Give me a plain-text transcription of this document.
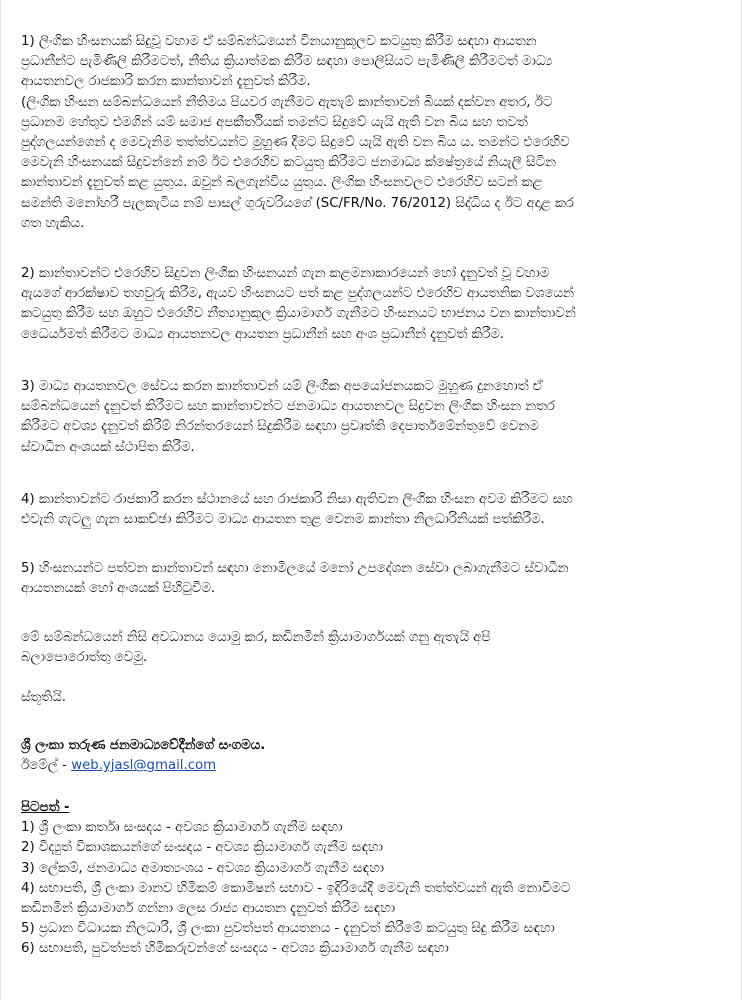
1) ලිංගික හිංසනයක් සිදුවූ වහාම ඒ සම්බන්ධයෙන් විනයානුකූලව කටයුතු කිරීම සඳහා ආයතන
ප්‍රධානීන්ට පැමිණිලි කිරීමටත්, නීතිය ක්‍රියාත්මක කිරීම සඳහා පොලිසියට පැමිණිලි කිරීමටත් මාධ්‍ය
ආයතනවල රාජකාරි කරන කාන්තාවන් දැනුවත් කිරීම.
(ලිංගික හිංසන සම්බන්ධයෙන් නීතිමය පියවර ගැනීමට ඇතැම් කාන්තාවන් බියක් දක්වන අතර, ඊට
ප්‍රධානම හේතුව එමගින් යම් සමාජ අපකීර්තියක් තමන්ට සිදුවේ යැයි ඇති වන බිය සහ තවත්
පුද්ගලයන්ගෙන් ද මෙවැනිම තත්ත්වයන්ට මුහුණ දීමට සිදුවේ යැයි ඇති වන බිය ය. තමන්ට එරෙහිව
මෙවැනි හිංසනයක් සිදුවන්නේ නම් ඊට එරෙහිව කටයුතු කිරීමට ජනමාධ්‍ය ක්ෂේත්‍රයේ නියැලී සිටින
කාන්තාවන් දැනුවත් කළ යුතුය. ඔවුන් බලගැන්විය යුතුය. ලිංගික හිංසනවලට එරෙහිව සටන් කළ
සමන්ති මනෝහරී පැලකැටිය නම් පාසල් ගුරුවරියගේ (SC/FR/No. 76/2012) සිද්ධිය ද ඊට අදාළ කර
ගත හැකිය.
2) කාන්තාවන්ට එරෙහිව සිදුවන ලිංගික හිංසනයන් ගැන කළමනාකාරයෙන් හෝ දැනුවත් වූ වහාම
ඇයගේ ආරක්ෂාව තහවුරු කිරීම, ඇයව හිංසනයට පත් කළ පුද්ගලයන්ට එරෙහිව ආයතනික වශයෙන්
කටයුතු කිරීම සහ ඔහුට එරෙහිව නීත්‍යානුකූල ක්‍රියාමාර්ග ගැනීමට හිංසනයට භාජනය වන කාන්තාවන්
ධෛර්යමත් කිරීමට මාධ්‍ය ආයතනවල ආයතන ප්‍රධානීන් සහ අංශ ප්‍රධානීන් දැනුවත් කිරීම.
3) මාධ්‍ය ආයතනවල සේවය කරන කාන්තාවන් යම් ලිංගික අපයෝජනයකට මුහුණ දුනහොත් ඒ
සම්බන්ධයෙන් දැනුවත් කිරීමට සහ කාන්තාවන්ට ජනමාධ්‍ය ආයතනවල සිදුවන ලිංගික හිංසන නතර
කිරීමට අවශ්‍ය දැනුවත් කිරීම් නිරන්තරයෙන් සිදුකිරීම සඳහා ප්‍රවෘත්ති දෙපාර්තමේන්තුවේ වෙනම
ස්වාධීන අංශයක් ස්ථාපිත කිරීම.
4) කාන්තාවන්ට රාජකාරි කරන ස්ථානයේ සහ රාජකාරි නිසා ඇතිවන ලිංගික හිංසන අවම කිරීමට සහ
එවැනි ගැටලු ගැන සාකච්ඡා කිරීමට මාධ්‍ය ආයතන තුළ වෙනම කාන්තා නිලධාරිනියක් පත්කිරීම.
5) හිංසනයන්ට පත්වන කාන්තාවන් සඳහා නොමිලයේ මනෝ උපදේශන සේවා ලබාගැනීමට ස්වාධීන
ආයතනයක් හෝ අංශයක් පිහිටුවීම.
මේ සම්බන්ධයෙන් නිසි අවධානය යොමු කර, කඩිනමින් ක්‍රියාමාර්ගයක් ගනු ඇතැයි අපි
බලාපොරොත්තු වෙමු.
ස්තූතියි.
ශ්‍රී ලංකා තරුණ ජනමාධ්‍යවේදීන්ගේ සංගමය.
ඊමේල් - web.yjasl@gmail.com
පිටපත් -
1) ශ්‍රී ලංකා කර්තෘ සංසදය - අවශ්‍ය ක්‍රියාමාර්ග ගැනීම සඳහා
2) විද්‍යුත් විකාශකයන්ගේ සංසදය - අවශ්‍ය ක්‍රියාමාර්ග ගැනීම සඳහා
3) ලේකම්, ජනමාධ්‍ය අමාත්‍යංශය - අවශ්‍ය ක්‍රියාමාර්ග ගැනීම සඳහා
4) සභාපති, ශ්‍රී ලංකා මානව හිමිකම් කොමිෂන් සභාව - ඉදිරියේදී මෙවැනි තත්ත්වයන් ඇති නොවීමට
කඩිනමින් ක්‍රියාමාර්ග ගන්නා ලෙස රාජ්‍ය ආයතන දැනුවත් කිරීම සඳහා
5) ප්‍රධාන විධායක නිලධාරී, ශ්‍රී ලංකා පුවත්පත් ආයතනය - දැනුවත් කිරීමේ කටයුතු සිදු කිරීම සඳහා
6) සභාපති, පුවත්පත් හිමිකරුවන්ගේ සංසදය - අවශ්‍ය ක්‍රියාමාර්ග ගැනීම සඳහා
